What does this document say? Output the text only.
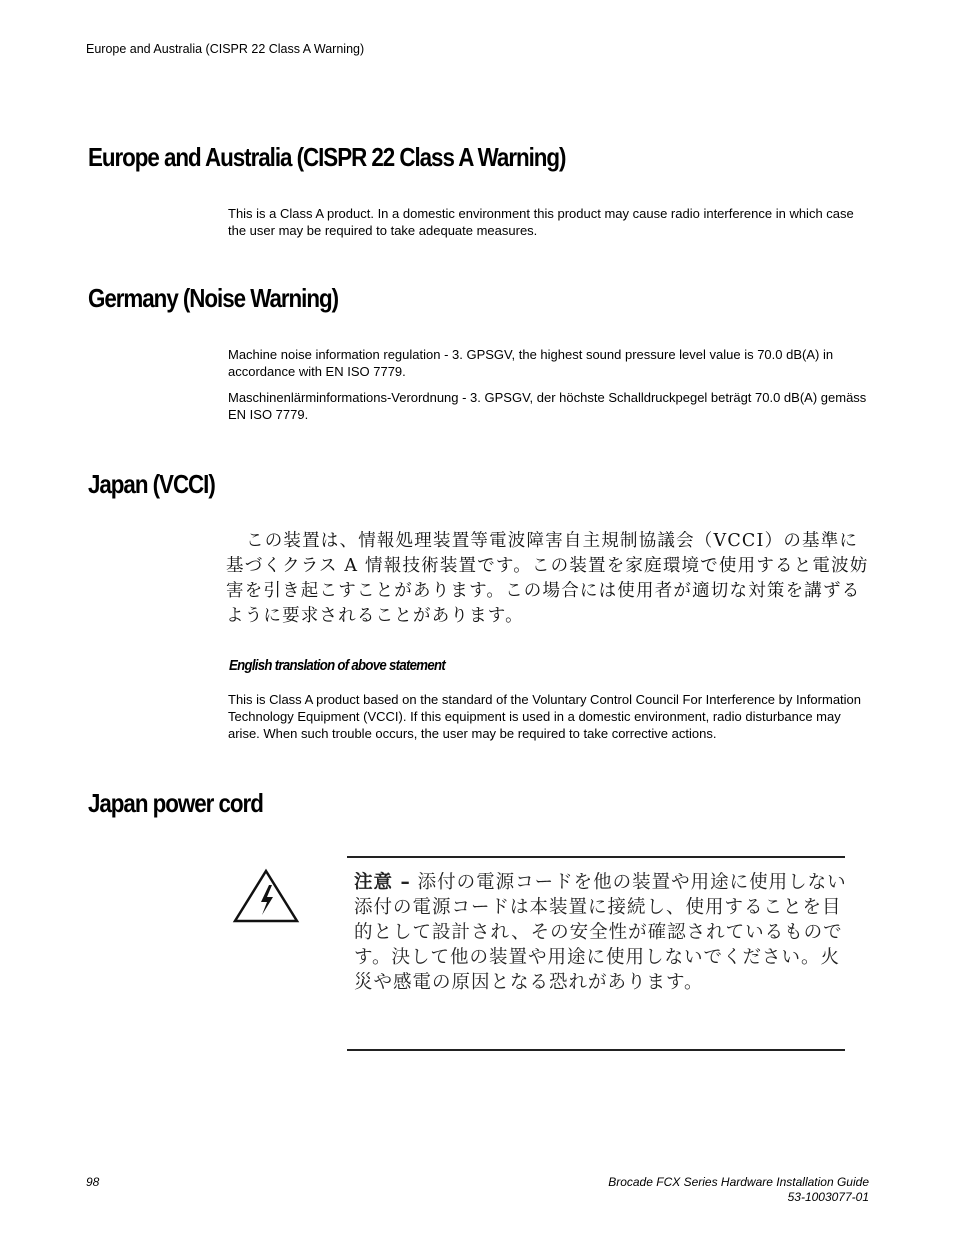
Europe and Australia (CISPR 22 Class A Warning)
Europe and Australia (CISPR 22 Class A Warning)

This is a Class A product. In a domestic environment this product may cause radio interference in which case the user may be required to take adequate measures.

Germany (Noise Warning)

Machine noise information regulation - 3. GPSGV, the highest sound pressure level value is 70.0 dB(A) in accordance with EN ISO 7779.

Maschinenlärminformations-Verordnung - 3. GPSGV, der höchste Schalldruckpegel beträgt 70.0 dB(A) gemäss EN ISO 7779.

Japan (VCCI)

この装置は、情報処理装置等電波障害自主規制協議会（VCCI）の基準に基づくクラス A 情報技術装置です。この装置を家庭環境で使用すると電波妨害を引き起こすことがあります。この場合には使用者が適切な対策を講ずるように要求されることがあります。

English translation of above statement

This is Class A product based on the standard of the Voluntary Control Council For Interference by Information Technology Equipment (VCCI). If this equipment is used in a domestic environment, radio disturbance may arise. When such trouble occurs, the user may be required to take corrective actions.

Japan power cord
注意 – 添付の電源コードを他の装置や用途に使用しない
添付の電源コードは本装置に接続し、使用することを目的として設計され、その安全性が確認されているものです。決して他の装置や用途に使用しないでください。火災や感電の原因となる恐れがあります。
98	Brocade FCX Series Hardware Installation Guide
53-1003077-01
